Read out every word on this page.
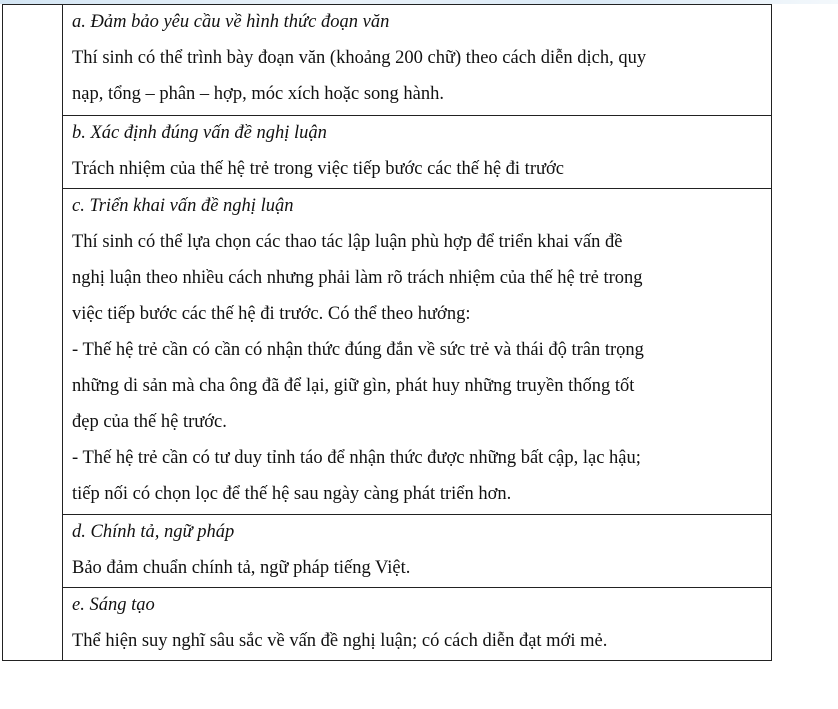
a. Đảm bảo yêu cầu về hình thức đoạn văn

Thí sinh có thể trình bày đoạn văn (khoảng 200 chữ) theo cách diễn dịch, quy

nạp, tổng – phân – hợp, móc xích hoặc song hành.

b. Xác định đúng vấn đề nghị luận

Trách nhiệm của thế hệ trẻ trong việc tiếp bước các thế hệ đi trước

c. Triển khai vấn đề nghị luận

Thí sinh có thể lựa chọn các thao tác lập luận phù hợp để triển khai vấn đề

nghị luận theo nhiều cách nhưng phải làm rõ trách nhiệm của thế hệ trẻ trong

việc tiếp bước các thế hệ đi trước. Có thể theo hướng:

- Thế hệ trẻ cần có cần có nhận thức đúng đắn về sức trẻ và thái độ trân trọng

những di sản mà cha ông đã để lại, giữ gìn, phát huy những truyền thống tốt

đẹp của thế hệ trước.

- Thế hệ trẻ cần có tư duy tỉnh táo để nhận thức được những bất cập, lạc hậu;

tiếp nối có chọn lọc để thế hệ sau ngày càng phát triển hơn.

d. Chính tả, ngữ pháp

Bảo đảm chuẩn chính tả, ngữ pháp tiếng Việt.

e. Sáng tạo

Thể hiện suy nghĩ sâu sắc về vấn đề nghị luận; có cách diễn đạt mới mẻ.
